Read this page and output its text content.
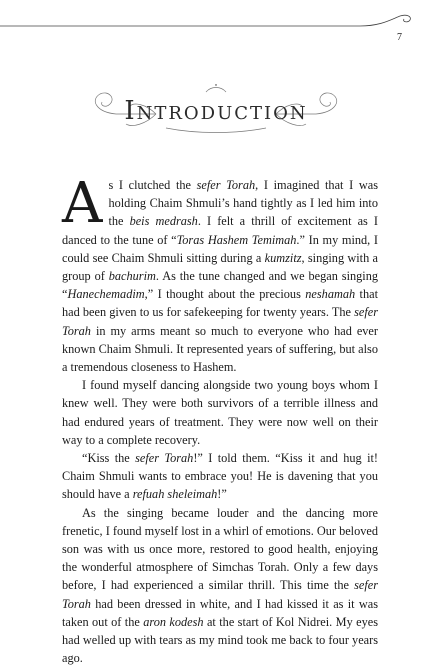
7
Introduction

As I clutched the sefer Torah, I imagined that I was holding Chaim Shmuli’s hand tightly as I led him into the beis medrash. I felt a thrill of excitement as I danced to the tune of “Toras Hashem Temimah.” In my mind, I could see Chaim Shmuli sitting during a kumzitz, singing with a group of bachurim. As the tune changed and we began singing “Hanechemadim,” I thought about the precious neshamah that had been given to us for safekeeping for twenty years. The sefer Torah in my arms meant so much to everyone who had ever known Chaim Shmuli. It represented years of suffering, but also a tremendous closeness to Hashem.

I found myself dancing alongside two young boys whom I knew well. They were both survivors of a terrible illness and had endured years of treatment. They were now well on their way to a complete recovery.

“Kiss the sefer Torah!” I told them. “Kiss it and hug it! Chaim Shmuli wants to embrace you! He is davening that you should have a refuah sheleimah!”

As the singing became louder and the dancing more frenetic, I found myself lost in a whirl of emotions. Our beloved son was with us once more, restored to good health, enjoying the wonderful atmosphere of Simchas Torah. Only a few days before, I had experienced a similar thrill. This time the sefer Torah had been dressed in white, and I had kissed it as it was taken out of the aron kodesh at the start of Kol Nidrei. My eyes had welled up with tears as my mind took me back to four years ago.
